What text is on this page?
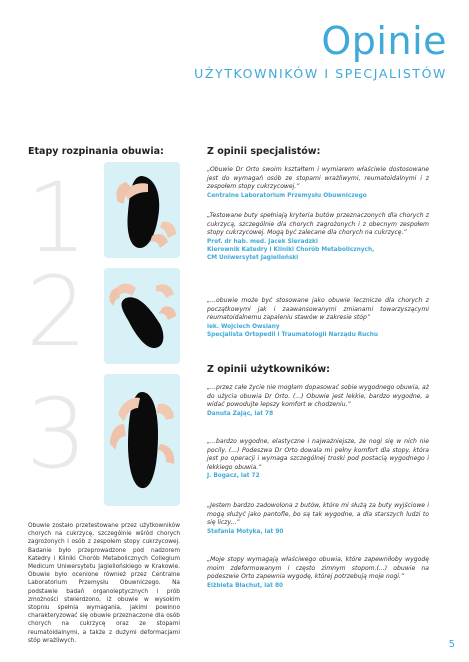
Opinie
UŻYTKOWNIKÓW I SPECJALISTÓW
Etapy rozpinania obuwia:	Z opinii specjalistów:
1
2
3
Obuwie zostało przetestowane przez użytkowników chorych na cukrzycę, szczególnie wśród chorych zagrożonych i osób z zespołem stopy cukrzycowej. Badanie było przeprowadzone pod nadzorem Katedry i Kliniki Chorób Metabolicznych Collegium Medicum Uniwersytetu Jagiellońskiego w Krakowie. Obuwie było ocenione również przez Centralne Laboratorium Przemysłu Obuwniczego. Na podstawie badań organoleptycznych i prób zmożności stwierdzono, iż obuwie w wysokim stopniu spełnia wymagania, jakimi powinno charakteryzować się obuwie przeznaczone dla osób chorych na cukrzycę oraz ze stopami reumatoidalnymi, a także z dużymi deformacjami stóp wrażliwych.
„Obuwie Dr Orto swoim kształtem i wymiarem właściwie dostosowane jest do wymagań osób ze stopami wrażliwymi, reumatoidalnymi i z zespołem stopy cukrzycowej.”
Centralne Laboratorium Przemysłu Obuwniczego
„Testowane buty spełniają kryteria butów przeznaczonych dla chorych z cukrzycą, szczególnie dla chorych zagrożonych i z obecnym zespołem stopy cukrzycowej. Mogą być zalecane dla chorych na cukrzycę.”
Prof. dr hab. med. Jacek Sieradzki
Kierownik Katedry i Kliniki Chorób Metabolicznych,
CM Uniwersytet Jagielloński
„...obuwie może być stosowane jako obuwie lecznicze dla chorych z początkowymi jak i zaawansowanymi zmianami towarzyszącymi reumatoidalnemu zapaleniu stawów w zakresie stóp”
lek. Wojciech Owsiany
Specjalista Ortopedii i Traumatologii Narządu Ruchu
Z opinii użytkowników:
„...przez całe życie nie mogłam dopasować sobie wygodnego obuwia, aż do użycia obuwia Dr Orto. (...) Obuwie jest lekkie, bardzo wygodne, a widać powodujte lepszy komfort w chodzeniu.”
Danuta Zając, lat 78
„...bardzo wygodne, elastyczne i najważniejsze, że nogi się w nich nie pocily. (...) Podeszwa Dr Orto dowala mi pełny komfort dla stopy, która jest po operacji i wymaga szczególnej troski pod postacią wygodnego i lekkiego obuwia.”
J. Bogacz, lat 72
„Jestem bardzo zadowolona z butów, które mi służą za buty wyjściowe i mogą służyć jako pantofle, bo są tak wygodne, a dla starszych ludzi to się liczy...”
Stefania Motyka, lat 90
„Moje stopy wymagają właściwego obuwia, które zapewniłoby wygodę moim zdeformowanym i często zimnym stopom.(...) obuwie na podeszwie Orto zapewnia wygodę, której potrzebują moje nogi.”
Elżbieta Błachut, lat 80
5
